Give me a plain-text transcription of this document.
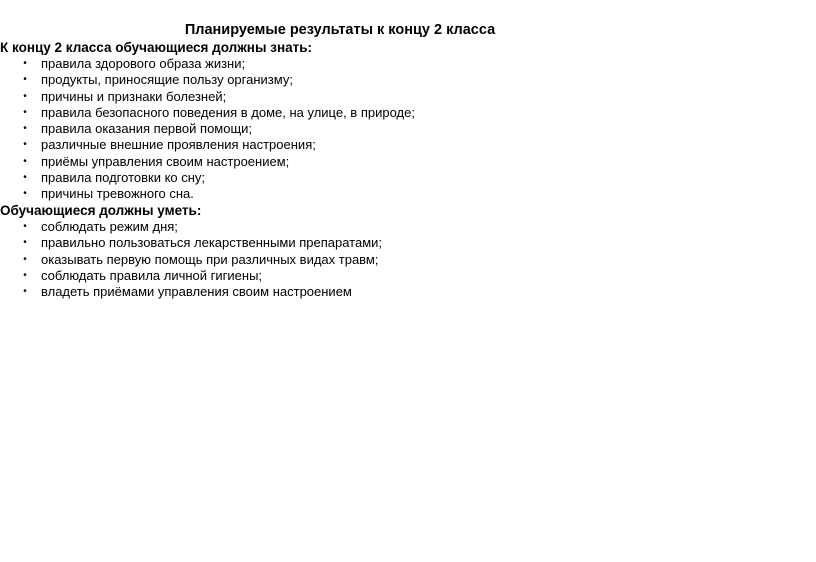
Планируемые результаты к концу 2 класса
К концу 2 класса обучающиеся должны знать:
• правила здорового образа жизни;
• продукты, приносящие пользу организму;
• причины и признаки болезней;
• правила безопасного поведения в доме, на улице, в природе;
• правила оказания первой помощи;
• различные внешние проявления настроения;
• приёмы управления своим настроением;
• правила подготовки ко сну;
• причины тревожного сна.
Обучающиеся должны уметь:
• соблюдать режим дня;
• правильно пользоваться лекарственными препаратами;
• оказывать первую помощь при различных видах травм;
• соблюдать правила личной гигиены;
• владеть приёмами управления своим настроением
